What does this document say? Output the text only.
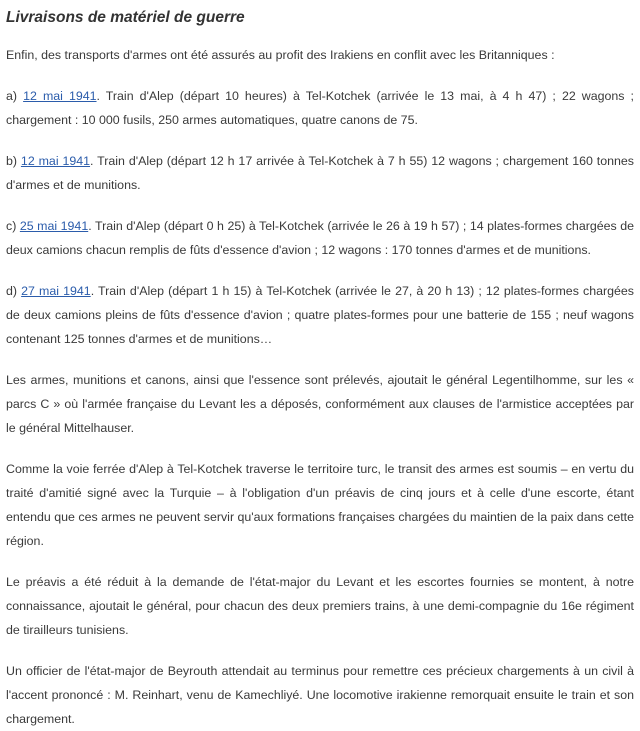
Livraisons de matériel de guerre

Enfin, des transports d'armes ont été assurés au profit des Irakiens en conflit avec les Britanniques :

a) 12 mai 1941. Train d'Alep (départ 10 heures) à Tel-Kotchek (arrivée le 13 mai, à 4 h 47) ; 22 wagons ; chargement : 10 000 fusils, 250 armes automatiques, quatre canons de 75.

b) 12 mai 1941. Train d'Alep (départ 12 h 17 arrivée à Tel-Kotchek à 7 h 55) 12 wagons ; chargement 160 tonnes d'armes et de munitions.

c) 25 mai 1941. Train d'Alep (départ 0 h 25) à Tel-Kotchek (arrivée le 26 à 19 h 57) ; 14 plates-formes chargées de deux camions chacun remplis de fûts d'essence d'avion ; 12 wagons : 170 tonnes d'armes et de munitions.

d) 27 mai 1941. Train d'Alep (départ 1 h 15) à Tel-Kotchek (arrivée le 27, à 20 h 13) ; 12 plates-formes chargées de deux camions pleins de fûts d'essence d'avion ; quatre plates-formes pour une batterie de 155 ; neuf wagons contenant 125 tonnes d'armes et de munitions…

Les armes, munitions et canons, ainsi que l'essence sont prélevés, ajoutait le général Legentilhomme, sur les « parcs C » où l'armée française du Levant les a déposés, conformément aux clauses de l'armistice acceptées par le général Mittelhauser.

Comme la voie ferrée d'Alep à Tel-Kotchek traverse le territoire turc, le transit des armes est soumis – en vertu du traité d'amitié signé avec la Turquie – à l'obligation d'un préavis de cinq jours et à celle d'une escorte, étant entendu que ces armes ne peuvent servir qu'aux formations françaises chargées du maintien de la paix dans cette région.

Le préavis a été réduit à la demande de l'état-major du Levant et les escortes fournies se montent, à notre connaissance, ajoutait le général, pour chacun des deux premiers trains, à une demi-compagnie du 16e régiment de tirailleurs tunisiens.

Un officier de l'état-major de Beyrouth attendait au terminus pour remettre ces précieux chargements à un civil à l'accent prononcé : M. Reinhart, venu de Kamechliyé. Une locomotive irakienne remorquait ensuite le train et son chargement.
